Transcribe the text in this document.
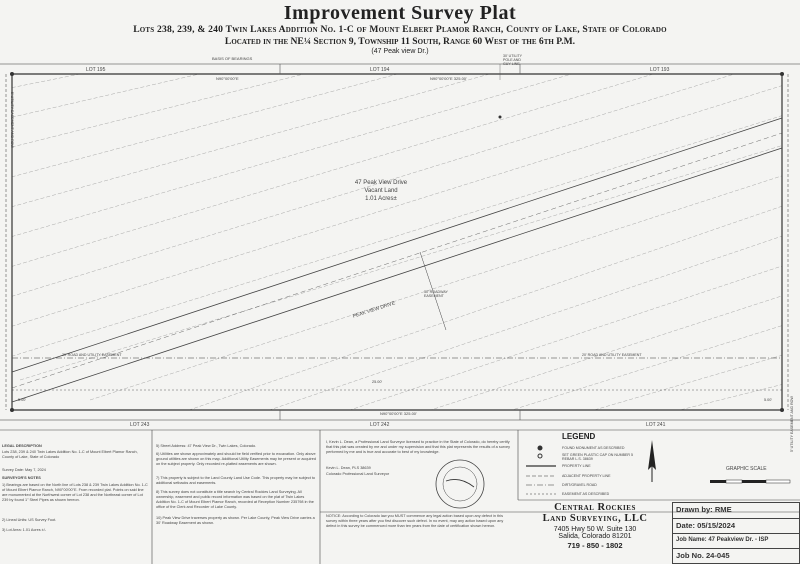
Improvement Survey Plat
Lots 238, 239, & 240 Twin Lakes Addition No. 1-C of Mount Elbert Plamor Ranch, County of Lake, State of Colorado
Located in the NE¼ Section 9, Township 11 South, Range 60 West of the 6th P.M.
(47 Peak view Dr.)
LOT 195	LOT 194	LOT 193
BASIS OF BEARINGS
N90°00'00"E	N90°00'00"E 325.00'
30' UTILITY POLE AND GUY LINE
47 Peak View Drive
Vacant Land
1.01 Acres±
PEAK VIEW DRIVE
30' ROADWAY EASEMENT
20' ROAD AND UTILITY EASEMENT	20' ROAD AND UTILITY EASEMENT
5' UTILITY EASEMENT AND ROW
5' UTILITY EASEMENT AND ROW
5.00'	5.00'
25.00'
N90°00'00"E 325.00'
LOT 243	LOT 242	LOT 241
LEGAL DESCRIPTION
Lots 238, 239 & 240 Twin Lakes Addition No. 1-C of Mount Elbert Plamor Ranch, County of Lake, State of Colorado
Survey Date: May 7, 2024
SURVEYOR'S NOTES
1) Bearings are based on the North line of Lots 238 & 239 Twin Lakes Addition No. 1-C of Mount Elbert Plamor Ranch, N90°00'00"E. From recorded plat. Points on said line are monumented at the Northwest corner of Lot 238 and the Northeast corner of Lot 239 by found 1" Steel Pipes as shown hereon.
2) Lineal Units: US Survey Foot.
3) Lot Area: 1.01 Acres ±/-
5) Street Address: 47 Peak View Dr., Twin Lakes, Colorado.
6) Utilities are shown approximately and should be field verified prior to excavation. Only above ground utilities are shown on this map. Additional Utility Easements may be present or acquired on the subject property. Only recorded re-platted easements are shown.
7) This property is subject to the Land County Land Use Code. This property may be subject to additional setbacks and easements.
8) This survey does not constitute a title search by Central Rockies Land Surveying. All ownership, easement and public record information was based on the plat of Twin Lakes Addition No. 1-C of Mount Elbert Plamor Ranch, recorded at Reception Number 235798 in the office of the Clerk and Recorder of Lake County.
10) Peak View Drive traverses property as shown. Per Lake County, Peak View Drive carries a 30' Roadway Easement as shown.
I, Kevin L. Dean, a Professional Land Surveyor licensed to practice in the State of Colorado, do hereby certify that this plat was created by me and under my supervision and that this plat represents the results of a survey performed by me and is true and accurate to best of my knowledge.
Kevin L. Dean, PLS 38639
Colorado Professional Land Surveyor
NOTICE: According to Colorado law you MUST commence any legal action based upon any defect in this survey within three years after you first discover such defect. In no event, may any action based upon any defect in this survey be commenced more than ten years from the date of certification shown hereon.
LEGEND
FOUND MONUMENT AS DESCRIBED
SET GREEN PLASTIC CAP ON NUMBER 5 REBAR L.S. 38639
PROPERTY LINE
ADJACENT PROPERTY LINE
DIRT/GRAVEL ROAD
EASEMENT AS DESCRIBED
GRAPHIC SCALE
Central Rockies
Land Surveying, LLC
7405 Hwy 50 W. Suite 130
Salida, Colorado 81201
719 - 850 - 1802
Drawn by: RME
Date: 05/15/2024
Job Name: 47 Peakview Dr. - ISP
Job No. 24-045
